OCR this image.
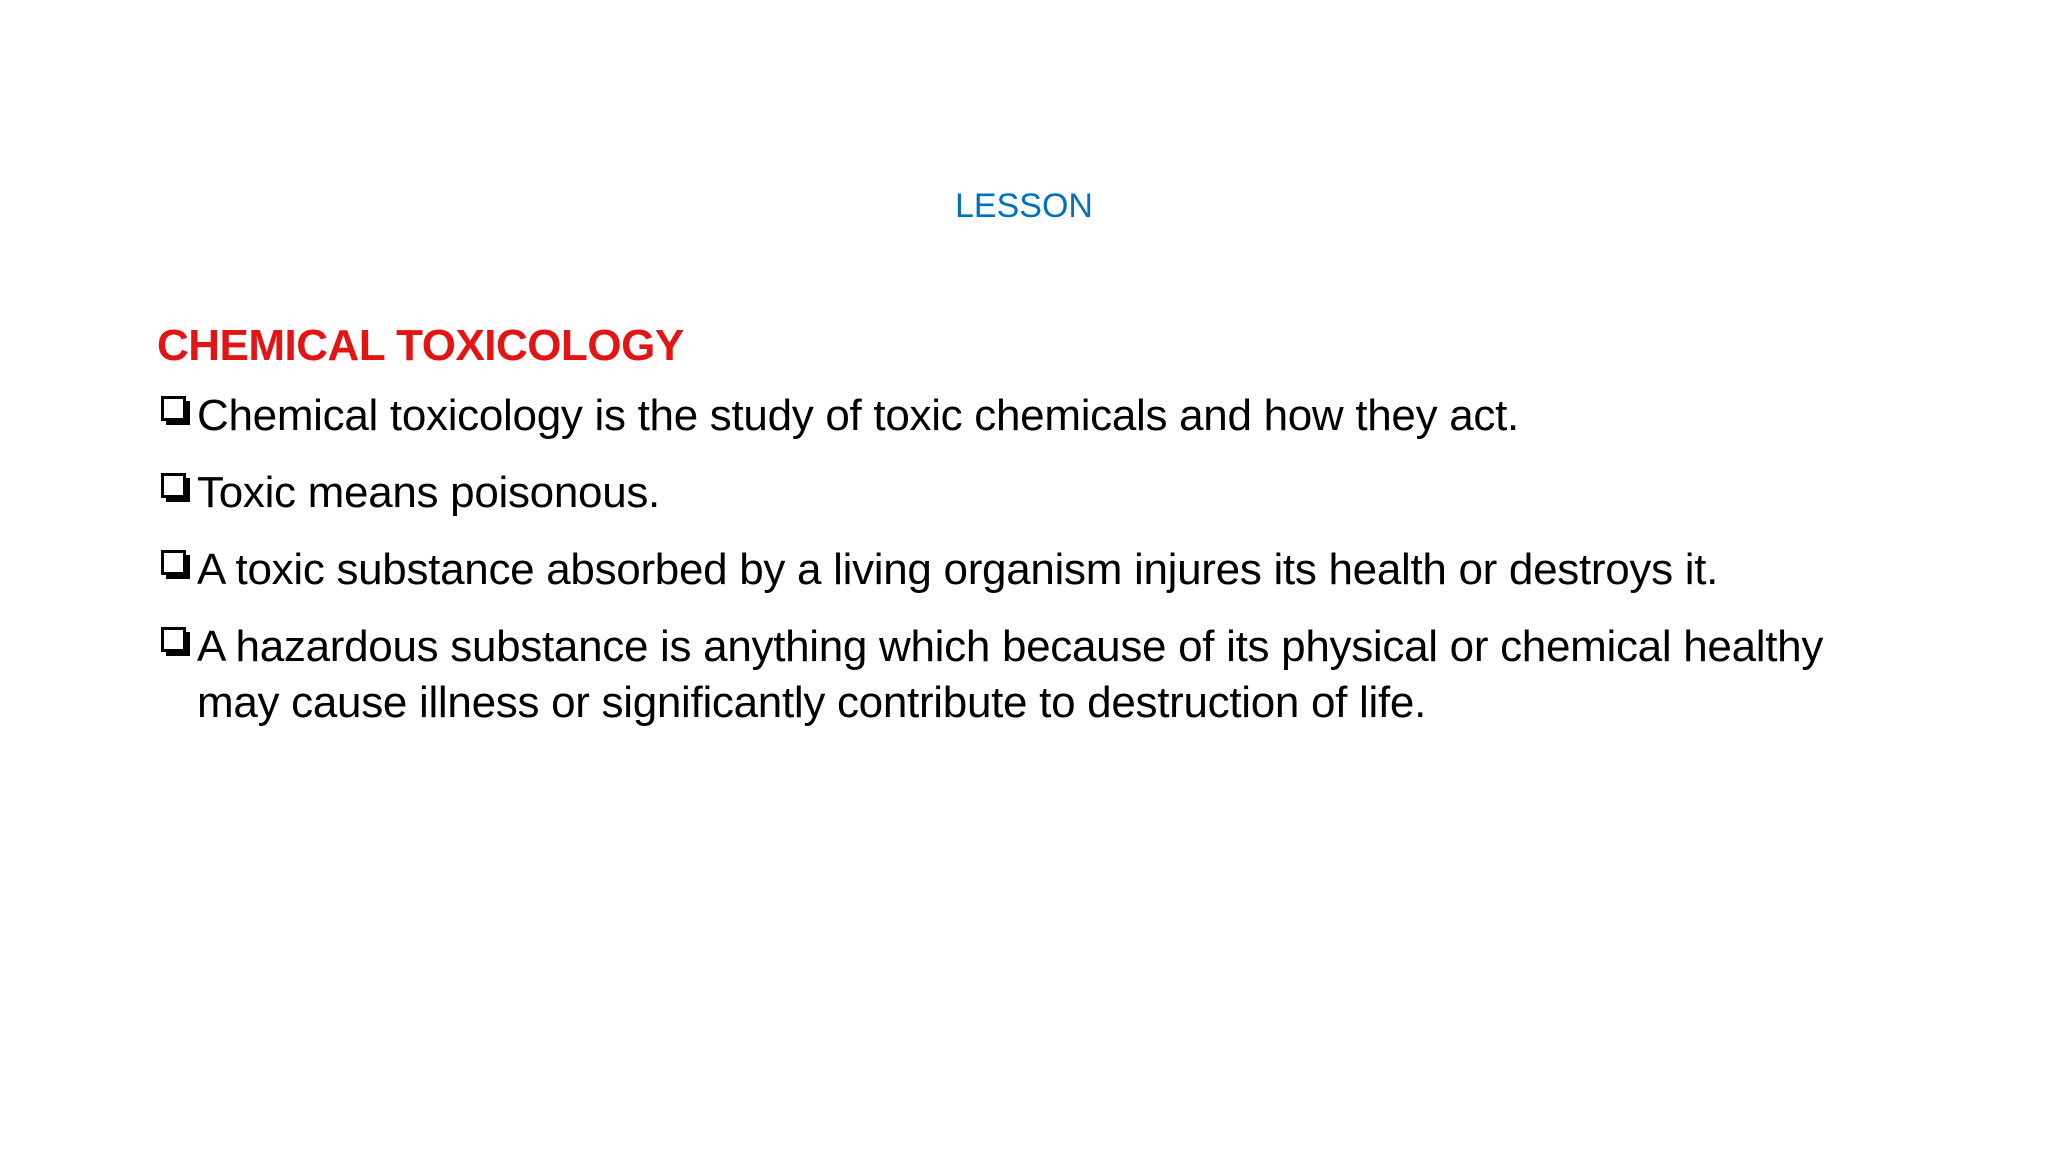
LESSON
CHEMICAL TOXICOLOGY
Chemical toxicology is the study of toxic chemicals and how they act.
Toxic means poisonous.
A toxic substance absorbed by a living organism injures its health or destroys it.
A hazardous substance is anything which because of its physical or chemical healthy may cause illness or significantly contribute to destruction of life.
